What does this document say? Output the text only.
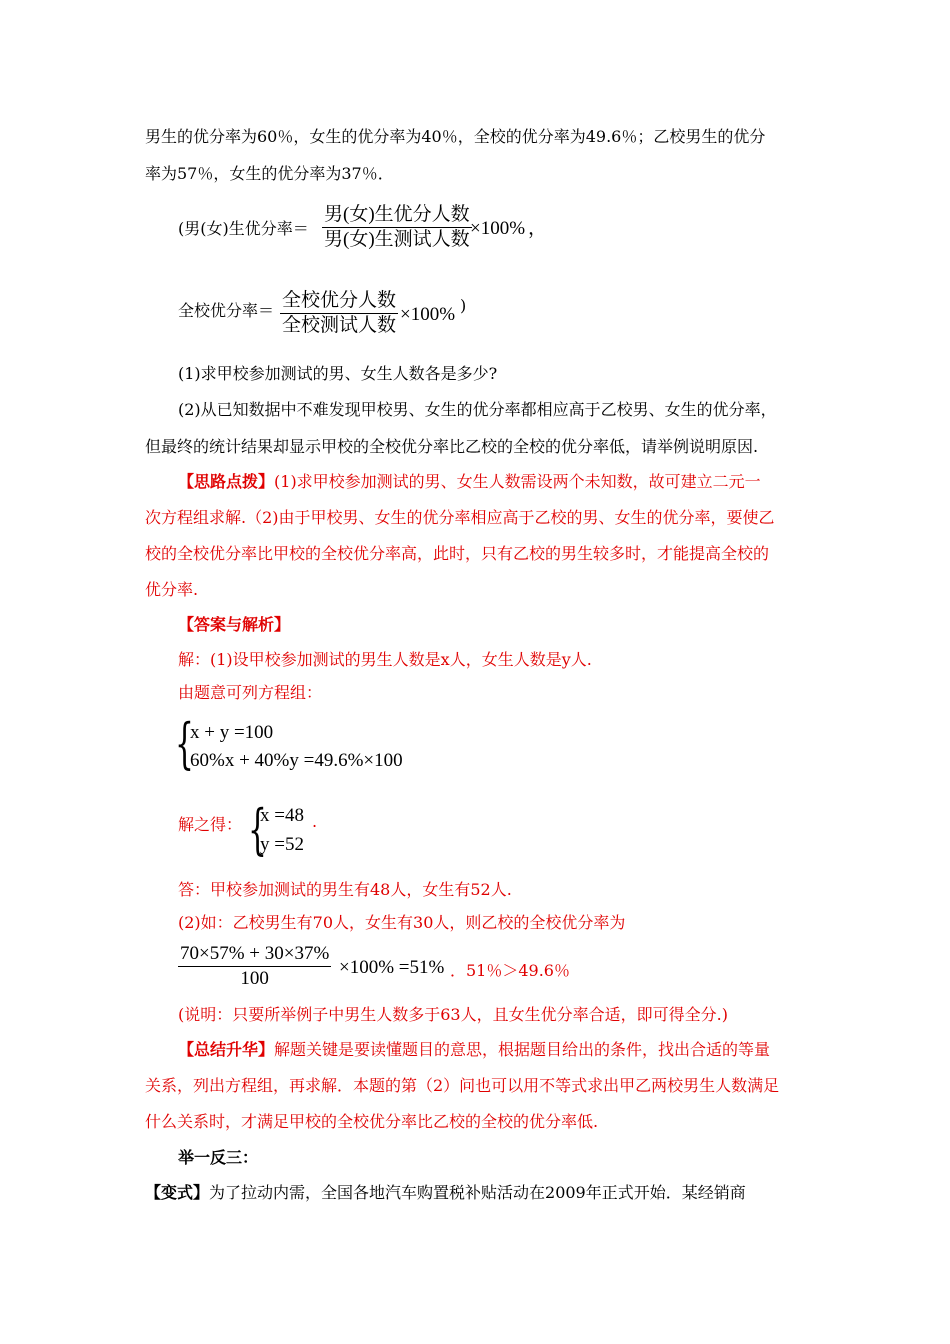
男生的优分率为60％，女生的优分率为40％，全校的优分率为49.6％；乙校男生的优分
率为57％，女生的优分率为37％．
(男(女)生优分率＝
男(女)生优分人数
男(女)生测试人数
×100% ，
全校优分率＝ 全校优分人数
全校测试人数
×100% )
(1)求甲校参加测试的男、女生人数各是多少?
(2)从已知数据中不难发现甲校男、女生的优分率都相应高于乙校男、女生的优分率，
但最终的统计结果却显示甲校的全校优分率比乙校的全校的优分率低，请举例说明原因.
【思路点拨】(1)求甲校参加测试的男、女生人数需设两个未知数，故可建立二元一
次方程组求解.（2)由于甲校男、女生的优分率相应高于乙校的男、女生的优分率，要使乙
校的全校优分率比甲校的全校优分率高，此时，只有乙校的男生较多时，才能提高全校的
优分率.
【答案与解析】
解：(1)设甲校参加测试的男生人数是x人，女生人数是y人.
由题意可列方程组：
{
x + y =100
60%x + 40%y =49.6%×100
解之得： {
x =48
y =52
.
答：甲校参加测试的男生有48人，女生有52人.
(2)如：乙校男生有70人，女生有30人，则乙校的全校优分率为
$\frac{70\times 57\% + 30\times 37\%}{100} \times 100\% =51\%$ ．51％＞49.6％
(说明：只要所举例子中男生人数多于63人，且女生优分率合适，即可得全分.)
【总结升华】解题关键是要读懂题目的意思，根据题目给出的条件，找出合适的等量
关系，列出方程组，再求解．本题的第（2）问也可以用不等式求出甲乙两校男生人数满足
什么关系时，才满足甲校的全校优分率比乙校的全校的优分率低.
举一反三：
【变式】为了拉动内需，全国各地汽车购置税补贴活动在2009年正式开始．某经销商
